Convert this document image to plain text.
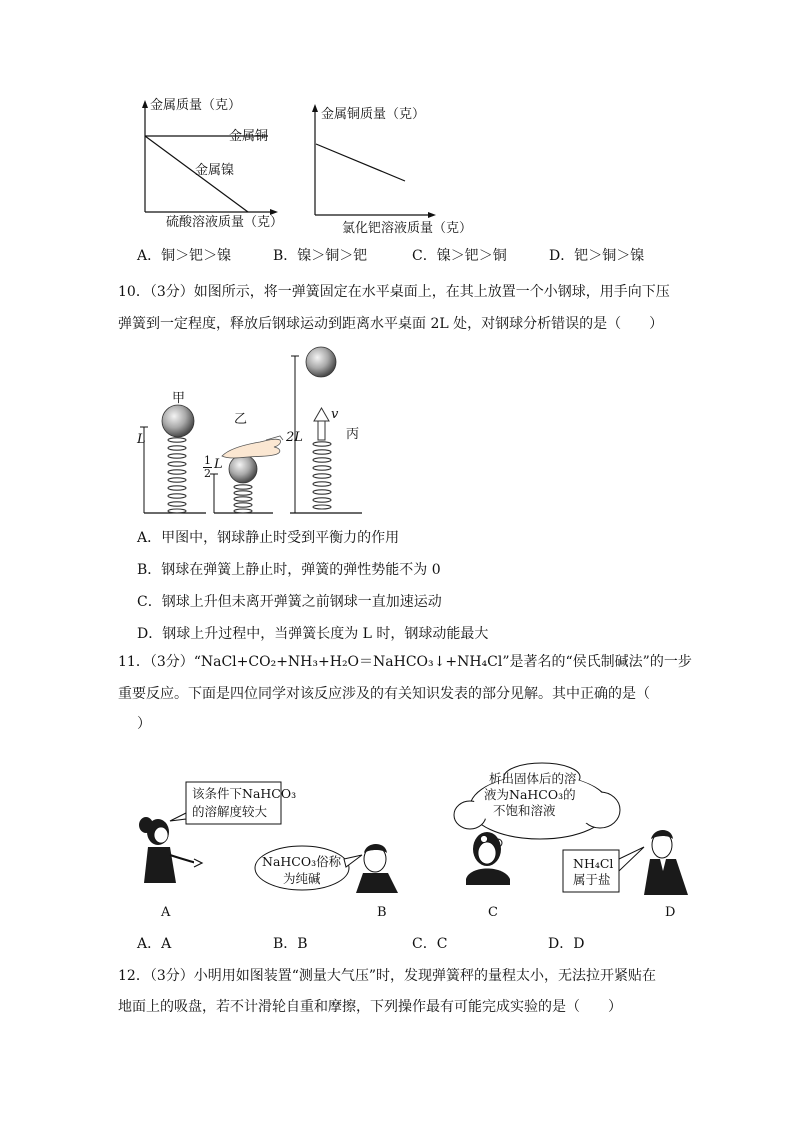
金属质量（克）
金属铜
金属镍
硫酸溶液质量（克）
金属铜质量（克）
氯化钯溶液质量（克）
A．铜＞钯＞镍	B．镍＞铜＞钯	C．镍＞钯＞铜	D．钯＞铜＞镍
10．（3分）如图所示，将一弹簧固定在水平桌面上，在其上放置一个小钢球，用手向下压
弹簧到一定程度，释放后钢球运动到距离水平桌面 2L 处，对钢球分析错误的是（　　）
甲
乙
丙
L
$\frac{1}{2}$ L
2L
v
A．甲图中，钢球静止时受到平衡力的作用
B．钢球在弹簧上静止时，弹簧的弹性势能不为 0
C．钢球上升但未离开弹簧之前钢球一直加速运动
D．钢球上升过程中，当弹簧长度为 L 时，钢球动能最大
11．（3分）“NaCl+CO₂+NH₃+H₂O＝NaHCO₃↓+NH₄Cl”是著名的“侯氏制碱法”的一步
重要反应。下面是四位同学对该反应涉及的有关知识发表的部分见解。其中正确的是（
）
该条件下NaHCO₃
的溶解度较大
NaHCO₃俗称
为纯碱
析出固体后的溶
液为NaHCO₃的
不饱和溶液
NH₄Cl
属于盐
A	B	C	D
A．A	B．B	C．C	D．D
12．（3分）小明用如图装置“测量大气压”时，发现弹簧秤的量程太小，无法拉开紧贴在
地面上的吸盘，若不计滑轮自重和摩擦，下列操作最有可能完成实验的是（　　）
